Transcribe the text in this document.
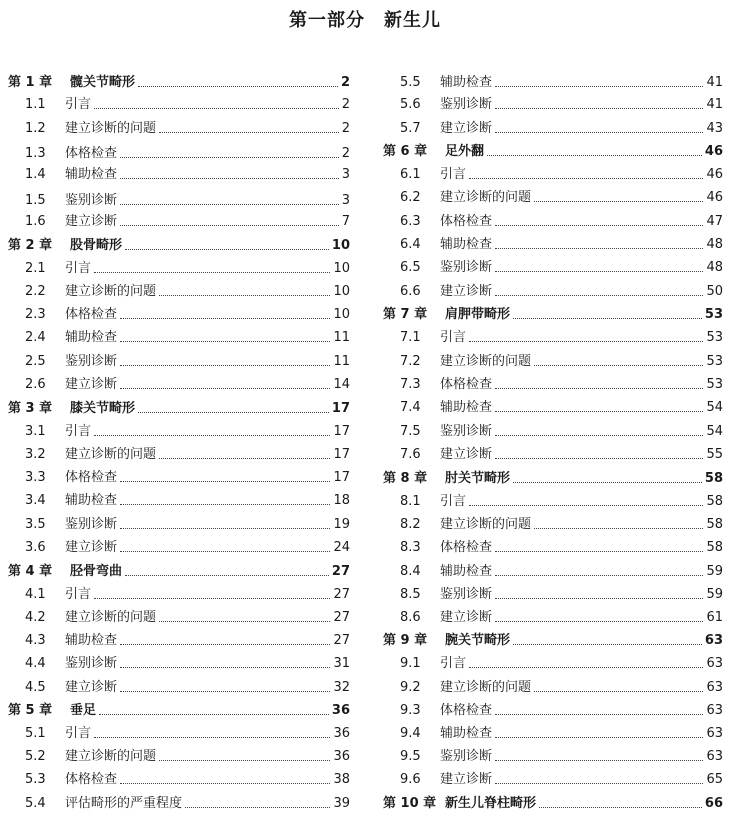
第一部分　新生儿
第 1 章	髋关节畸形	2
1.1	引言	2
1.2	建立诊断的问题	2
1.3	体格检查	2
1.4	辅助检查	3
1.5	鉴别诊断	3
1.6	建立诊断	7
第 2 章	股骨畸形	10
2.1	引言	10
2.2	建立诊断的问题	10
2.3	体格检查	10
2.4	辅助检查	11
2.5	鉴别诊断	11
2.6	建立诊断	14
第 3 章	膝关节畸形	17
3.1	引言	17
3.2	建立诊断的问题	17
3.3	体格检查	17
3.4	辅助检查	18
3.5	鉴别诊断	19
3.6	建立诊断	24
第 4 章	胫骨弯曲	27
4.1	引言	27
4.2	建立诊断的问题	27
4.3	辅助检查	27
4.4	鉴别诊断	31
4.5	建立诊断	32
第 5 章	垂足	36
5.1	引言	36
5.2	建立诊断的问题	36
5.3	体格检查	38
5.4	评估畸形的严重程度	39
5.5	辅助检查	41
5.6	鉴别诊断	41
5.7	建立诊断	43
第 6 章	足外翻	46
6.1	引言	46
6.2	建立诊断的问题	46
6.3	体格检查	47
6.4	辅助检查	48
6.5	鉴别诊断	48
6.6	建立诊断	50
第 7 章	肩胛带畸形	53
7.1	引言	53
7.2	建立诊断的问题	53
7.3	体格检查	53
7.4	辅助检查	54
7.5	鉴别诊断	54
7.6	建立诊断	55
第 8 章	肘关节畸形	58
8.1	引言	58
8.2	建立诊断的问题	58
8.3	体格检查	58
8.4	辅助检查	59
8.5	鉴别诊断	59
8.6	建立诊断	61
第 9 章	腕关节畸形	63
9.1	引言	63
9.2	建立诊断的问题	63
9.3	体格检查	63
9.4	辅助检查	63
9.5	鉴别诊断	63
9.6	建立诊断	65
第 10 章 新生儿脊柱畸形	66
